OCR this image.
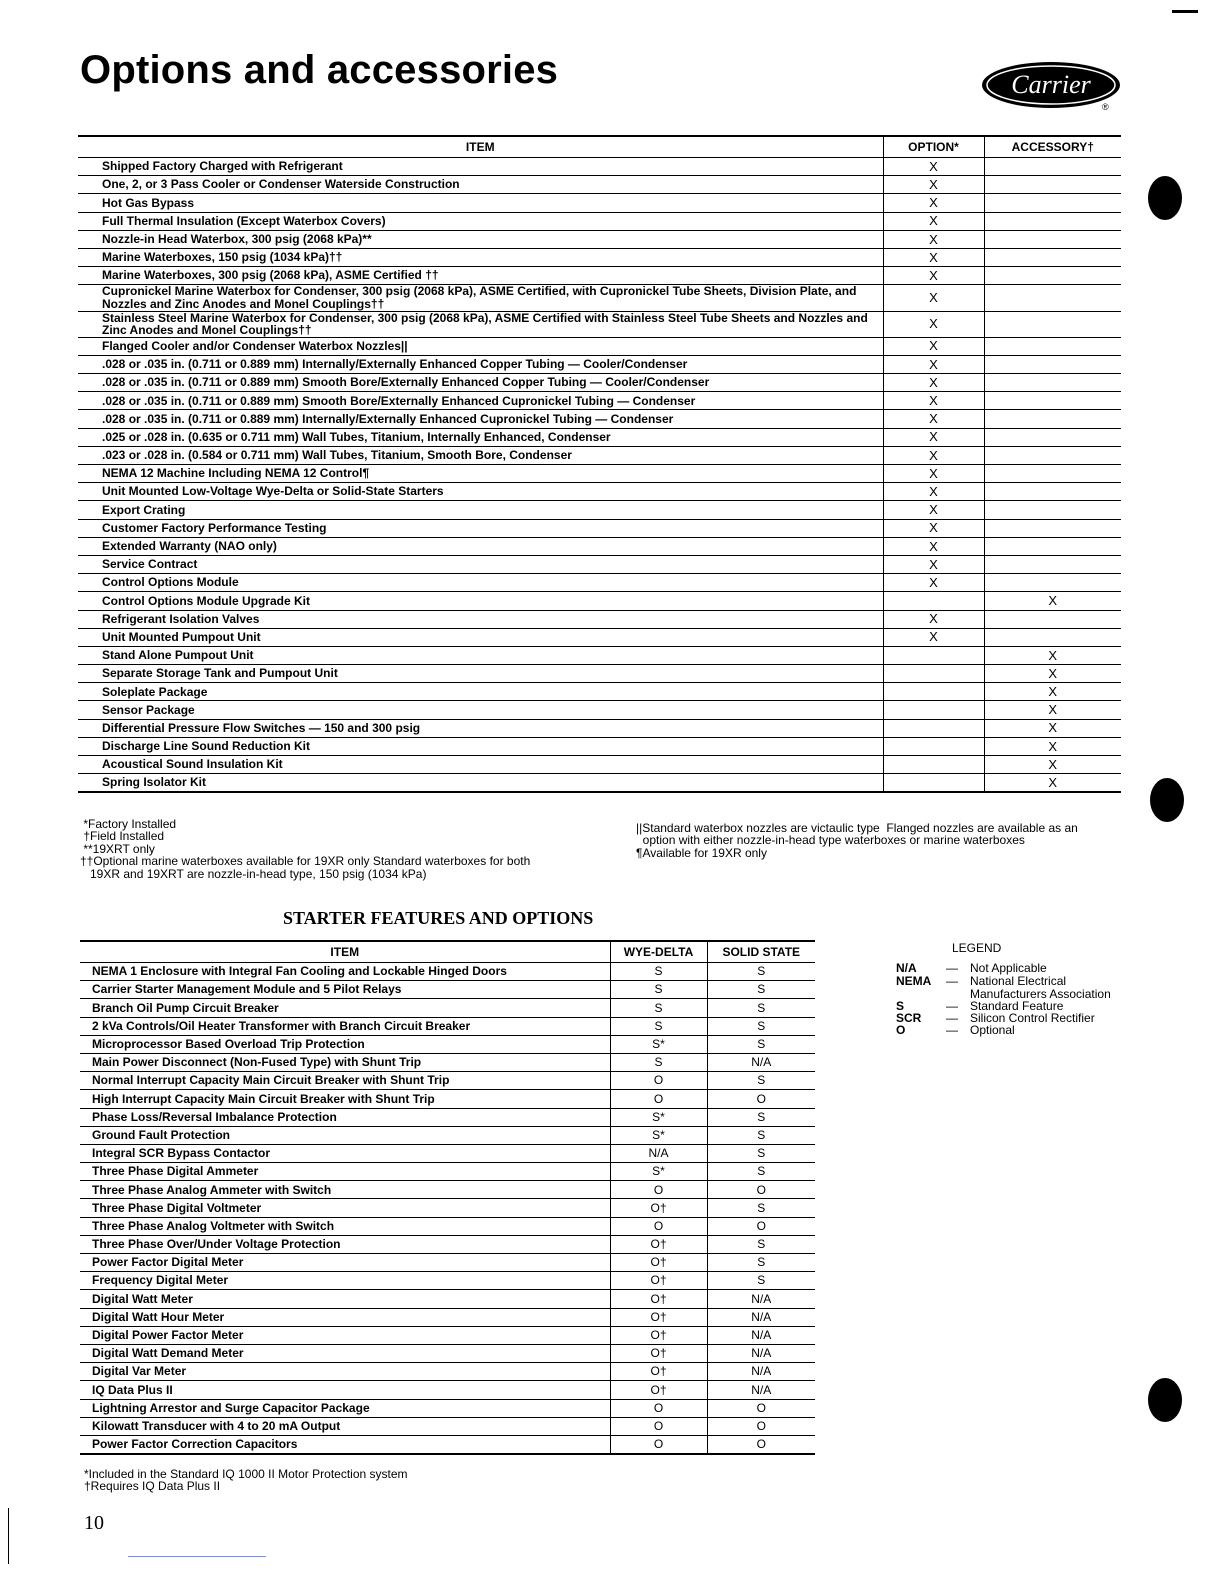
Options and accessories	Carrier
®
ITEM	OPTION*	ACCESSORY†
Shipped Factory Charged with Refrigerant	X	
One, 2, or 3 Pass Cooler or Condenser Waterside Construction	X	
Hot Gas Bypass	X	
Full Thermal Insulation (Except Waterbox Covers)	X	
Nozzle-in Head Waterbox, 300 psig (2068 kPa)**	X	
Marine Waterboxes, 150 psig (1034 kPa)††	X	
Marine Waterboxes, 300 psig (2068 kPa), ASME Certified ††	X	
Cupronickel Marine Waterbox for Condenser, 300 psig (2068 kPa), ASME Certified, with Cupronickel Tube Sheets, Division Plate, and Nozzles and Zinc Anodes and Monel Couplings††	X	
Stainless Steel Marine Waterbox for Condenser, 300 psig (2068 kPa), ASME Certified with Stainless Steel Tube Sheets and Nozzles and Zinc Anodes and Monel Couplings††	X	
Flanged Cooler and/or Condenser Waterbox Nozzles||	X	
.028 or .035 in. (0.711 or 0.889 mm) Internally/Externally Enhanced Copper Tubing — Cooler/Condenser	X	
.028 or .035 in. (0.711 or 0.889 mm) Smooth Bore/Externally Enhanced Copper Tubing — Cooler/Condenser	X	
.028 or .035 in. (0.711 or 0.889 mm) Smooth Bore/Externally Enhanced Cupronickel Tubing — Condenser	X	
.028 or .035 in. (0.711 or 0.889 mm) Internally/Externally Enhanced Cupronickel Tubing — Condenser	X	
.025 or .028 in. (0.635 or 0.711 mm) Wall Tubes, Titanium, Internally Enhanced, Condenser	X	
.023 or .028 in. (0.584 or 0.711 mm) Wall Tubes, Titanium, Smooth Bore, Condenser	X	
NEMA 12 Machine Including NEMA 12 Control¶	X	
Unit Mounted Low-Voltage Wye-Delta or Solid-State Starters	X	
Export Crating	X	
Customer Factory Performance Testing	X	
Extended Warranty (NAO only)	X	
Service Contract	X	
Control Options Module	X	
Control Options Module Upgrade Kit		X
Refrigerant Isolation Valves	X	
Unit Mounted Pumpout Unit	X	
Stand Alone Pumpout Unit		X
Separate Storage Tank and Pumpout Unit		X
Soleplate Package		X
Sensor Package		X
Differential Pressure Flow Switches — 150 and 300 psig		X
Discharge Line Sound Reduction Kit		X
Acoustical Sound Insulation Kit		X
Spring Isolator Kit		X
*Factory Installed
†Field Installed
**19XRT only
††Optional marine waterboxes available for 19XR only Standard waterboxes for both
19XR and 19XRT are nozzle-in-head type, 150 psig (1034 kPa)
||Standard waterbox nozzles are victaulic type  Flanged nozzles are available as an
option with either nozzle-in-head type waterboxes or marine waterboxes
¶Available for 19XR only
STARTER FEATURES AND OPTIONS
ITEM	WYE-DELTA	SOLID STATE
NEMA 1 Enclosure with Integral Fan Cooling and Lockable Hinged Doors	S	S
Carrier Starter Management Module and 5 Pilot Relays	S	S
Branch Oil Pump Circuit Breaker	S	S
2 kVa Controls/Oil Heater Transformer with Branch Circuit Breaker	S	S
Microprocessor Based Overload Trip Protection	S*	S
Main Power Disconnect (Non-Fused Type) with Shunt Trip	S	N/A
Normal Interrupt Capacity Main Circuit Breaker with Shunt Trip	O	S
High Interrupt Capacity Main Circuit Breaker with Shunt Trip	O	O
Phase Loss/Reversal Imbalance Protection	S*	S
Ground Fault Protection	S*	S
Integral SCR Bypass Contactor	N/A	S
Three Phase Digital Ammeter	S*	S
Three Phase Analog Ammeter with Switch	O	O
Three Phase Digital Voltmeter	O†	S
Three Phase Analog Voltmeter with Switch	O	O
Three Phase Over/Under Voltage Protection	O†	S
Power Factor Digital Meter	O†	S
Frequency Digital Meter	O†	S
Digital Watt Meter	O†	N/A
Digital Watt Hour Meter	O†	N/A
Digital Power Factor Meter	O†	N/A
Digital Watt Demand Meter	O†	N/A
Digital Var Meter	O†	N/A
IQ Data Plus II	O†	N/A
Lightning Arrestor and Surge Capacitor Package	O	O
Kilowatt Transducer with 4 to 20 mA Output	O	O
Power Factor Correction Capacitors	O	O
*Included in the Standard IQ 1000 II Motor Protection system
†Requires IQ Data Plus II
LEGEND
N/A — Not Applicable
NEMA — National Electrical Manufacturers Association
S	— Standard Feature
SCR — Silicon Control Rectifier
O	— Optional
10
